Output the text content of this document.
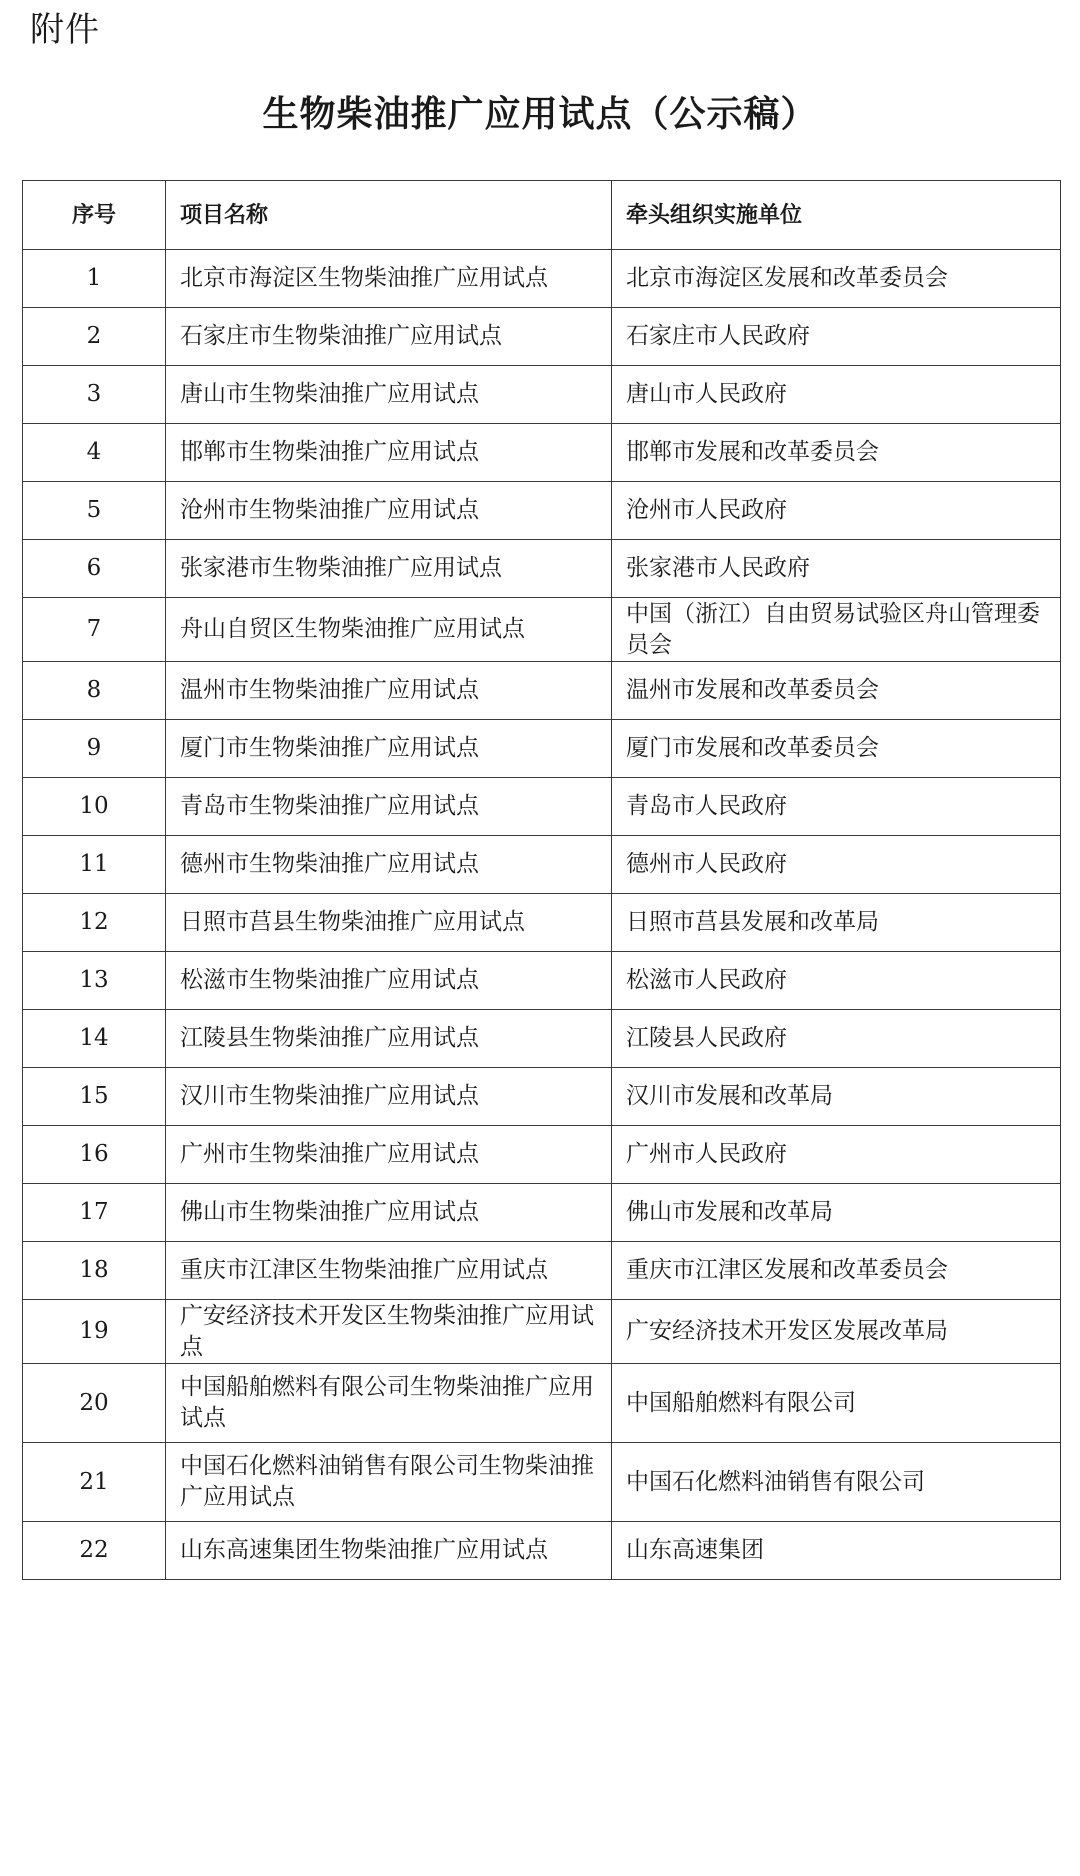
附件
生物柴油推广应用试点（公示稿）
序号	项目名称	牵头组织实施单位
1	北京市海淀区生物柴油推广应用试点	北京市海淀区发展和改革委员会
2	石家庄市生物柴油推广应用试点	石家庄市人民政府
3	唐山市生物柴油推广应用试点	唐山市人民政府
4	邯郸市生物柴油推广应用试点	邯郸市发展和改革委员会
5	沧州市生物柴油推广应用试点	沧州市人民政府
6	张家港市生物柴油推广应用试点	张家港市人民政府
7	舟山自贸区生物柴油推广应用试点	中国（浙江）自由贸易试验区舟山管理委员会
8	温州市生物柴油推广应用试点	温州市发展和改革委员会
9	厦门市生物柴油推广应用试点	厦门市发展和改革委员会
10	青岛市生物柴油推广应用试点	青岛市人民政府
11	德州市生物柴油推广应用试点	德州市人民政府
12	日照市莒县生物柴油推广应用试点	日照市莒县发展和改革局
13	松滋市生物柴油推广应用试点	松滋市人民政府
14	江陵县生物柴油推广应用试点	江陵县人民政府
15	汉川市生物柴油推广应用试点	汉川市发展和改革局
16	广州市生物柴油推广应用试点	广州市人民政府
17	佛山市生物柴油推广应用试点	佛山市发展和改革局
18	重庆市江津区生物柴油推广应用试点	重庆市江津区发展和改革委员会
19	广安经济技术开发区生物柴油推广应用试点	广安经济技术开发区发展改革局
20	中国船舶燃料有限公司生物柴油推广应用试点	中国船舶燃料有限公司
21	中国石化燃料油销售有限公司生物柴油推广应用试点	中国石化燃料油销售有限公司
22	山东高速集团生物柴油推广应用试点	山东高速集团
